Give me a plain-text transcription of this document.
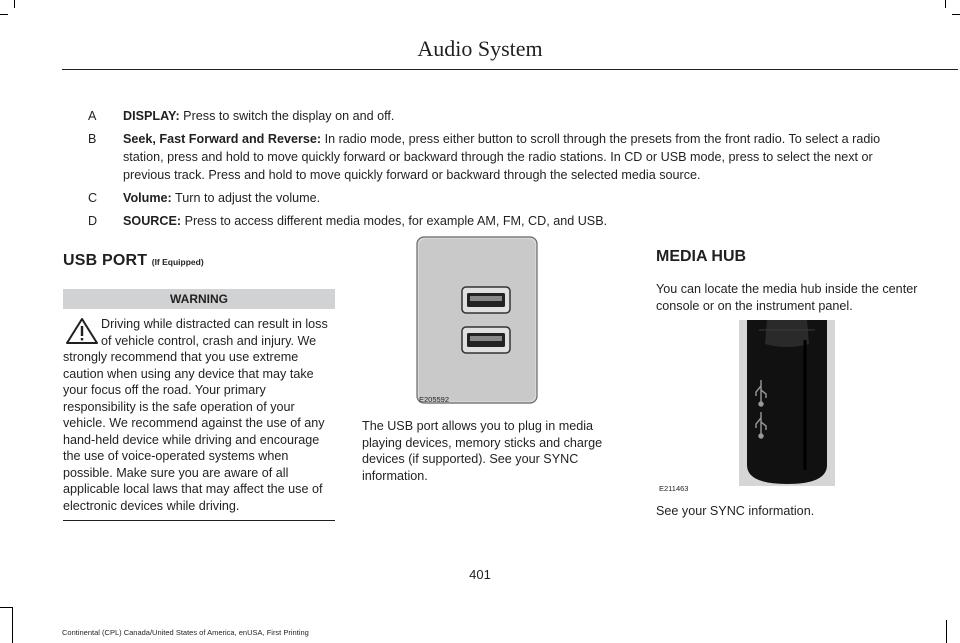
Audio System
A	DISPLAY: Press to switch the display on and off.
B	Seek, Fast Forward and Reverse: In radio mode, press either button to scroll through the presets from the front radio. To select a radio station, press and hold to move quickly forward or backward through the radio stations. In CD or USB mode, press to select the next or previous track. Press and hold to move quickly forward or backward through the selected media source.
C	Volume: Turn to adjust the volume.
D	SOURCE: Press to access different media modes, for example AM, FM, CD, and USB.
USB PORT (If Equipped)
WARNING
Driving while distracted can result in loss of vehicle control, crash and injury. We strongly recommend that you use extreme caution when using any device that may take your focus off the road. Your primary responsibility is the safe operation of your vehicle. We recommend against the use of any hand-held device while driving and encourage the use of voice-operated systems when possible. Make sure you are aware of all applicable local laws that may affect the use of electronic devices while driving.
E205592
The USB port allows you to plug in media playing devices, memory sticks and charge devices (if supported). See your SYNC information.
MEDIA HUB
You can locate the media hub inside the center console or on the instrument panel.
E211463
See your SYNC information.
401
Continental (CPL) Canada/United States of America, enUSA, First Printing
